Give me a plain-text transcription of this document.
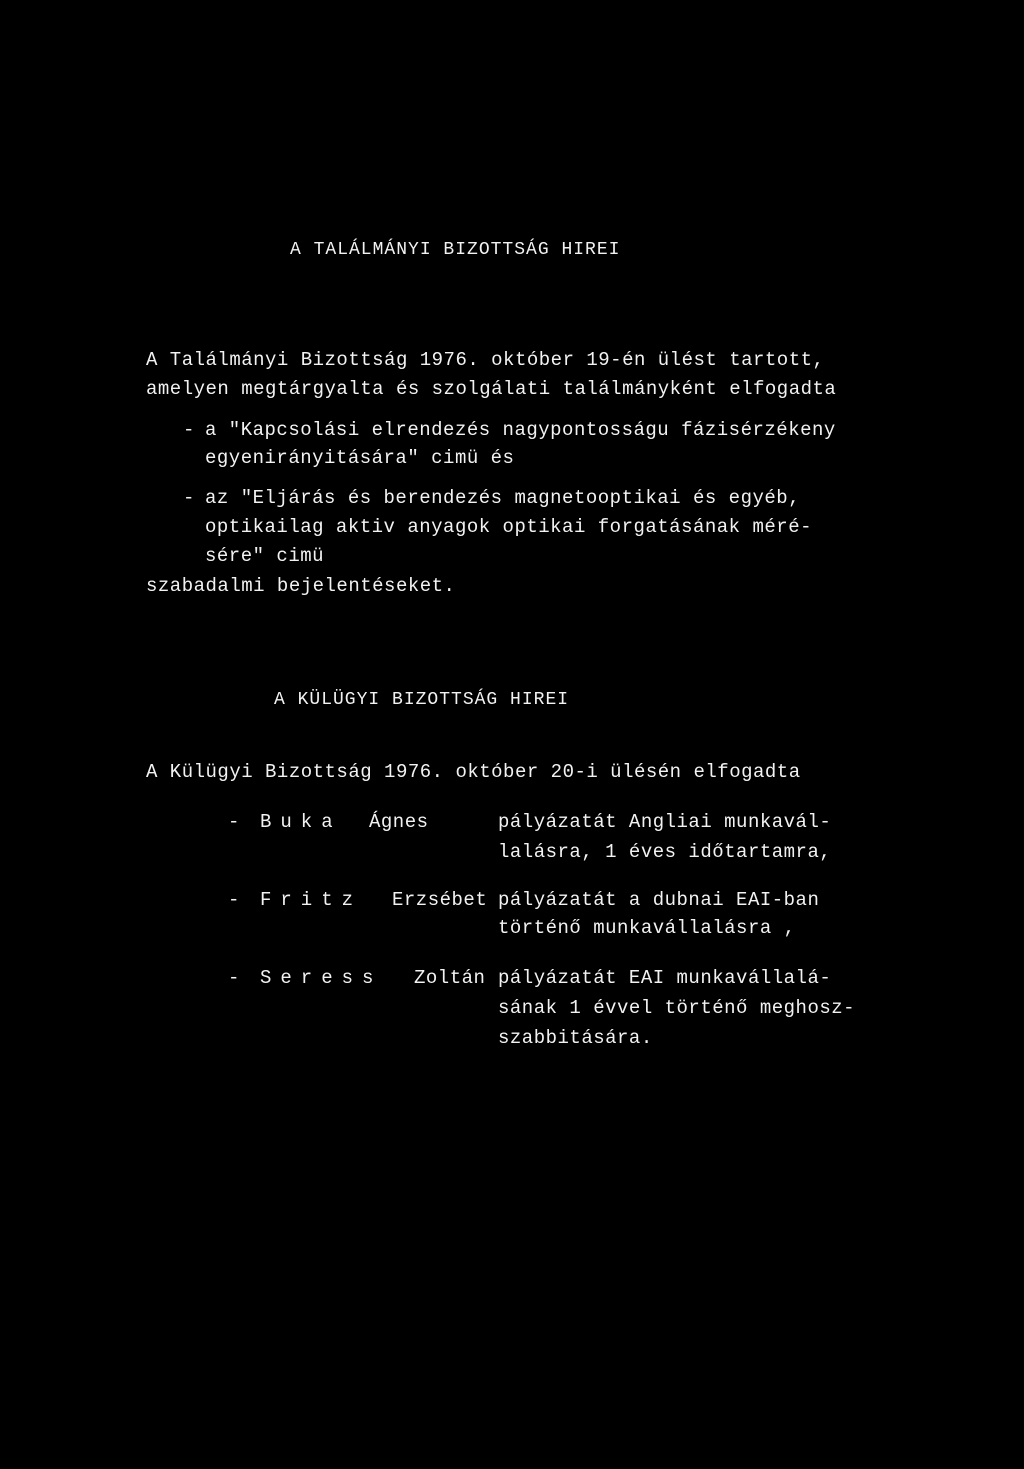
A TALÁLMÁNYI BIZOTTSÁG HIREI
A Találmányi Bizottság 1976. október 19-én ülést tartott,
amelyen megtárgyalta és szolgálati találmányként elfogadta
- a "Kapcsolási elrendezés nagypontosságu fázisérzékeny
egyenirányitására" cimü és
- az "Eljárás és berendezés magnetooptikai és egyéb,
optikailag aktiv anyagok optikai forgatásának méré-
sére" cimü
szabadalmi bejelentéseket.
A KÜLÜGYI BIZOTTSÁG HIREI
A Külügyi Bizottság 1976. október 20-i ülésén elfogadta
- Buka Ágnes	pályázatát Angliai munkavál-
lalásra, 1 éves időtartamra,
- Fritz Erzsébet pályázatát a dubnai EAI-ban
történő munkavállalásra ,
- Seress Zoltán pályázatát EAI munkavállalá-
sának 1 évvel történő meghosz-
szabbitására.
